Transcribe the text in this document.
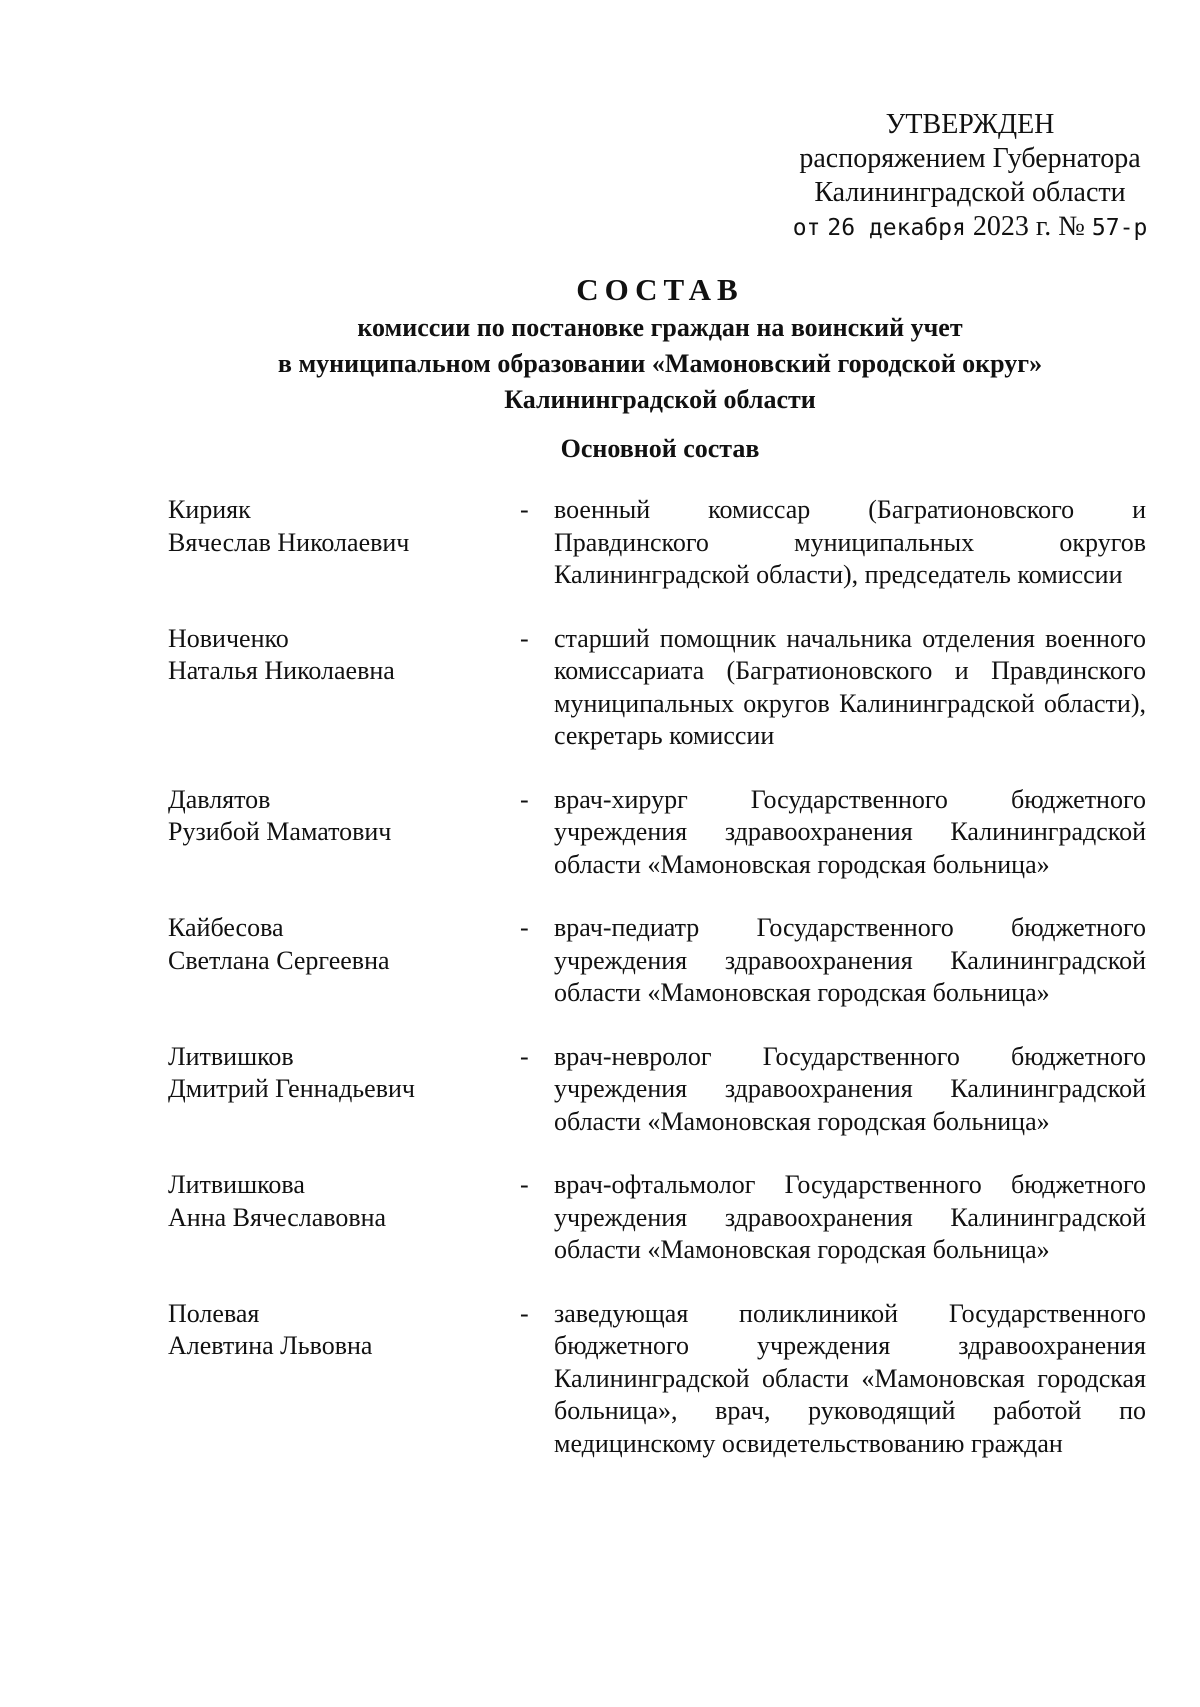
УТВЕРЖДЕН
распоряжением Губернатора
Калининградской области
от 26 декабря 2023 г. № 57-р
СОСТАВ
комиссии по постановке граждан на воинский учет
в муниципальном образовании «Мамоновский городской округ»
Калининградской области
Основной состав
Кирияк
Вячеслав Николаевич
- военный комиссар (Багратионовского и Правдинского муниципальных округов Калининградской области), председатель комиссии
Новиченко
Наталья Николаевна
- старший помощник начальника отделения военного комиссариата (Багратионовского и Правдинского муниципальных округов Калининградской области), секретарь комиссии
Давлятов
Рузибой Маматович
- врач-хирург Государственного бюджетного учреждения здравоохранения Калининградской области «Мамоновская городская больница»
Кайбесова
Светлана Сергеевна
- врач-педиатр Государственного бюджетного учреждения здравоохранения Калининградской области «Мамоновская городская больница»
Литвишков
Дмитрий Геннадьевич
- врач-невролог Государственного бюджетного учреждения здравоохранения Калининградской области «Мамоновская городская больница»
Литвишкова
Анна Вячеславовна
- врач-офтальмолог Государственного бюджетного учреждения здравоохранения Калининградской области «Мамоновская городская больница»
Полевая
Алевтина Львовна
- заведующая поликлиникой Государственного бюджетного учреждения здравоохранения Калининградской области «Мамоновская городская больница», врач, руководящий работой по медицинскому освидетельствованию граждан
